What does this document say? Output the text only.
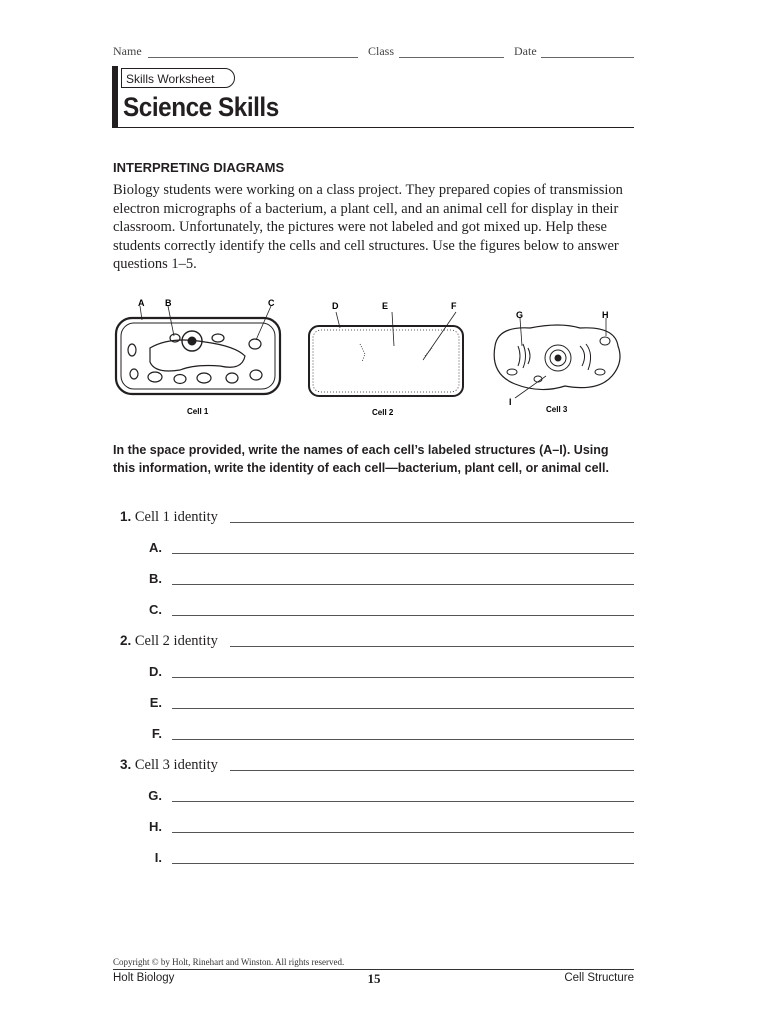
Name	Class	Date
Skills Worksheet
Science Skills
INTERPRETING DIAGRAMS
Biology students were working on a class project. They prepared copies of transmission electron micrographs of a bacterium, a plant cell, and an animal cell for display in their classroom. Unfortunately, the pictures were not labeled and got mixed up. Help these students correctly identify the cells and cell structures. Use the figures below to answer questions 1–5.
A B	C
Cell 1
D	E	F
Cell 2
G	H
I
Cell 3
In the space provided, write the names of each cell’s labeled structures (A–I). Using this information, write the identity of each cell—bacterium, plant cell, or animal cell.
1. Cell 1 identity
A.
B.
C.
2. Cell 2 identity
D.
E.
F.
3. Cell 3 identity
G.
H.
I.
Copyright © by Holt, Rinehart and Winston. All rights reserved.
Holt Biology	15	Cell Structure
